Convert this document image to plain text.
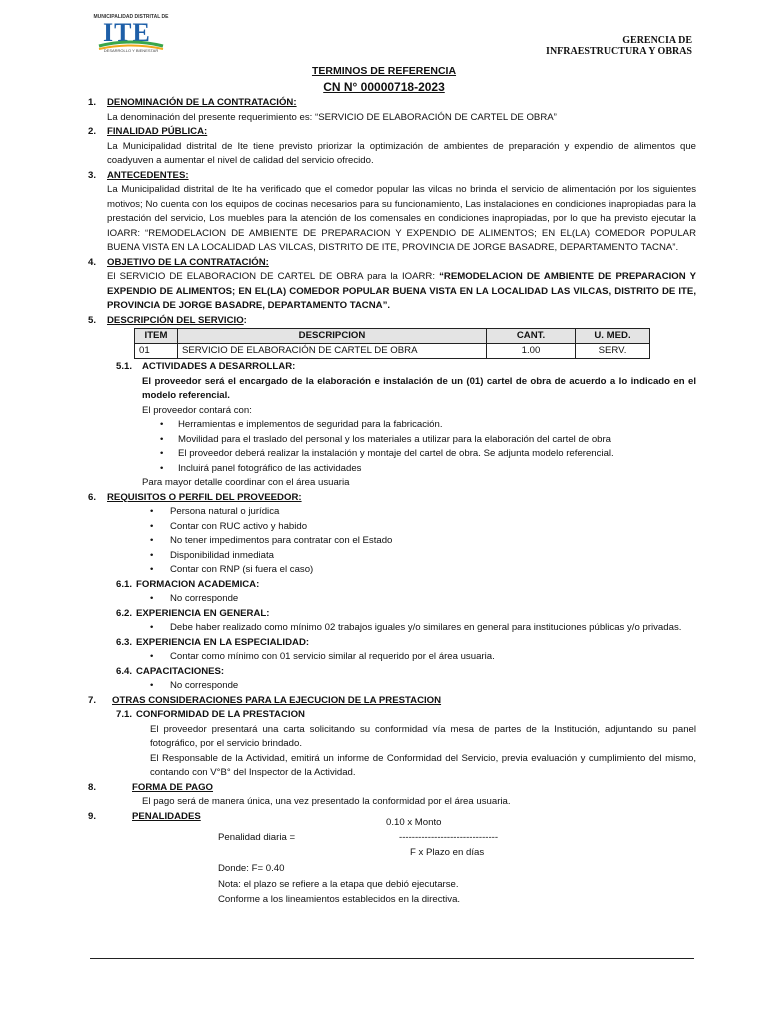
MUNICIPALIDAD DISTRITAL DE
ITE
DESARROLLO Y BIENESTAR
GERENCIA DE
INFRAESTRUCTURA Y OBRAS
TERMINOS DE REFERENCIA
CN N° 00000718-2023
1. DENOMINACIÓN DE LA CONTRATACIÓN:
La denominación del presente requerimiento es: “SERVICIO DE ELABORACIÓN DE CARTEL DE OBRA”
2. FINALIDAD PÚBLICA:
La Municipalidad distrital de Ite tiene previsto priorizar la optimización de ambientes de preparación y expendio de alimentos que coadyuven a aumentar el nivel de calidad del servicio ofrecido.
3. ANTECEDENTES:
La Municipalidad distrital de Ite ha verificado que el comedor popular las vilcas no brinda el servicio de alimentación por los siguientes motivos; No cuenta con los equipos de cocinas necesarios para su funcionamiento, Las instalaciones en condiciones inapropiadas para la prestación del servicio, Los muebles para la atención de los comensales en condiciones inapropiadas, por lo que ha previsto ejecutar la IOARR: “REMODELACION DE AMBIENTE DE PREPARACION Y EXPENDIO DE ALIMENTOS; EN EL(LA) COMEDOR POPULAR BUENA VISTA EN LA LOCALIDAD LAS VILCAS, DISTRITO DE ITE, PROVINCIA DE JORGE BASADRE, DEPARTAMENTO TACNA”.
4. OBJETIVO DE LA CONTRATACIÓN:
El SERVICIO DE ELABORACION DE CARTEL DE OBRA para la IOARR: “REMODELACION DE AMBIENTE DE PREPARACION Y EXPENDIO DE ALIMENTOS; EN EL(LA) COMEDOR POPULAR BUENA VISTA EN LA LOCALIDAD LAS VILCAS, DISTRITO DE ITE, PROVINCIA DE JORGE BASADRE, DEPARTAMENTO TACNA”.
5. DESCRIPCIÓN DEL SERVICIO:
ITEM	DESCRIPCION	CANT.	U. MED.
01	SERVICIO DE ELABORACIÓN DE CARTEL DE OBRA	1.00	SERV.
5.1. ACTIVIDADES A DESARROLLAR:
El proveedor será el encargado de la elaboración e instalación de un (01) cartel de obra de acuerdo a lo indicado en el modelo referencial.
El proveedor contará con:
• Herramientas e implementos de seguridad para la fabricación.
• Movilidad para el traslado del personal y los materiales a utilizar para la elaboración del cartel de obra
• El proveedor deberá realizar la instalación y montaje del cartel de obra. Se adjunta modelo referencial.
• Incluirá panel fotográfico de las actividades
Para mayor detalle coordinar con el área usuaria
6. REQUISITOS O PERFIL DEL PROVEEDOR:
• Persona natural o jurídica
• Contar con RUC activo y habido
• No tener impedimentos para contratar con el Estado
• Disponibilidad inmediata
• Contar con RNP (si fuera el caso)
6.1. FORMACION ACADEMICA:
• No corresponde
6.2. EXPERIENCIA EN GENERAL:
• Debe haber realizado como mínimo 02 trabajos iguales y/o similares en general para instituciones públicas y/o privadas.
6.3. EXPERIENCIA EN LA ESPECIALIDAD:
• Contar como mínimo con 01 servicio similar al requerido por el área usuaria.
6.4. CAPACITACIONES:
• No corresponde
7.	OTRAS CONSIDERACIONES PARA LA EJECUCION DE LA PRESTACION
7.1. CONFORMIDAD DE LA PRESTACION
El proveedor presentará una carta solicitando su conformidad vía mesa de partes de la Institución, adjuntando su panel fotográfico, por el servicio brindado.
El Responsable de la Actividad, emitirá un informe de Conformidad del Servicio, previa evaluación y cumplimiento del mismo, contando con V°B° del Inspector de la Actividad.
8.	FORMA DE PAGO
El pago será de manera única, una vez presentado la conformidad por el área usuaria.
9.	PENALIDADES
0.10 x Monto
Penalidad diaria =	-------------------------------
F x Plazo en días
Donde: F= 0.40
Nota: el plazo se refiere a la etapa que debió ejecutarse.
Conforme a los lineamientos establecidos en la directiva.
